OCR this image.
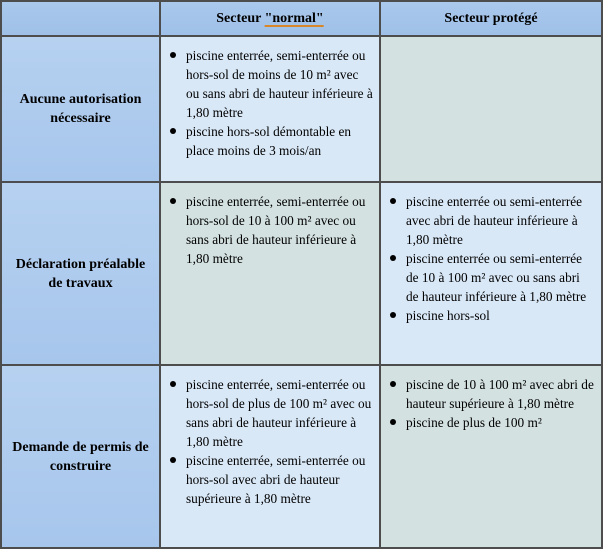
Secteur "normal"	Secteur protégé
Aucune autorisation nécessaire
piscine enterrée, semi-enterrée ou hors-sol de moins de 10 m² avec ou sans abri de hauteur inférieure à 1,80 mètre
piscine hors-sol démontable en place moins de 3 mois/an
Déclaration préalable de travaux
piscine enterrée, semi-enterrée ou hors-sol de 10 à 100 m² avec ou sans abri de hauteur inférieure à 1,80 mètre
piscine enterrée ou semi-enterrée avec abri de hauteur inférieure à 1,80 mètre
piscine enterrée ou semi-enterrée de 10 à 100 m² avec ou sans abri de hauteur inférieure à 1,80 mètre
piscine hors-sol
Demande de permis de construire
piscine enterrée, semi-enterrée ou hors-sol de plus de 100 m² avec ou sans abri de hauteur inférieure à 1,80 mètre
piscine enterrée, semi-enterrée ou hors-sol avec abri de hauteur supérieure à 1,80 mètre
piscine de 10 à 100 m² avec abri de hauteur supérieure à 1,80 mètre
piscine de plus de 100 m²
